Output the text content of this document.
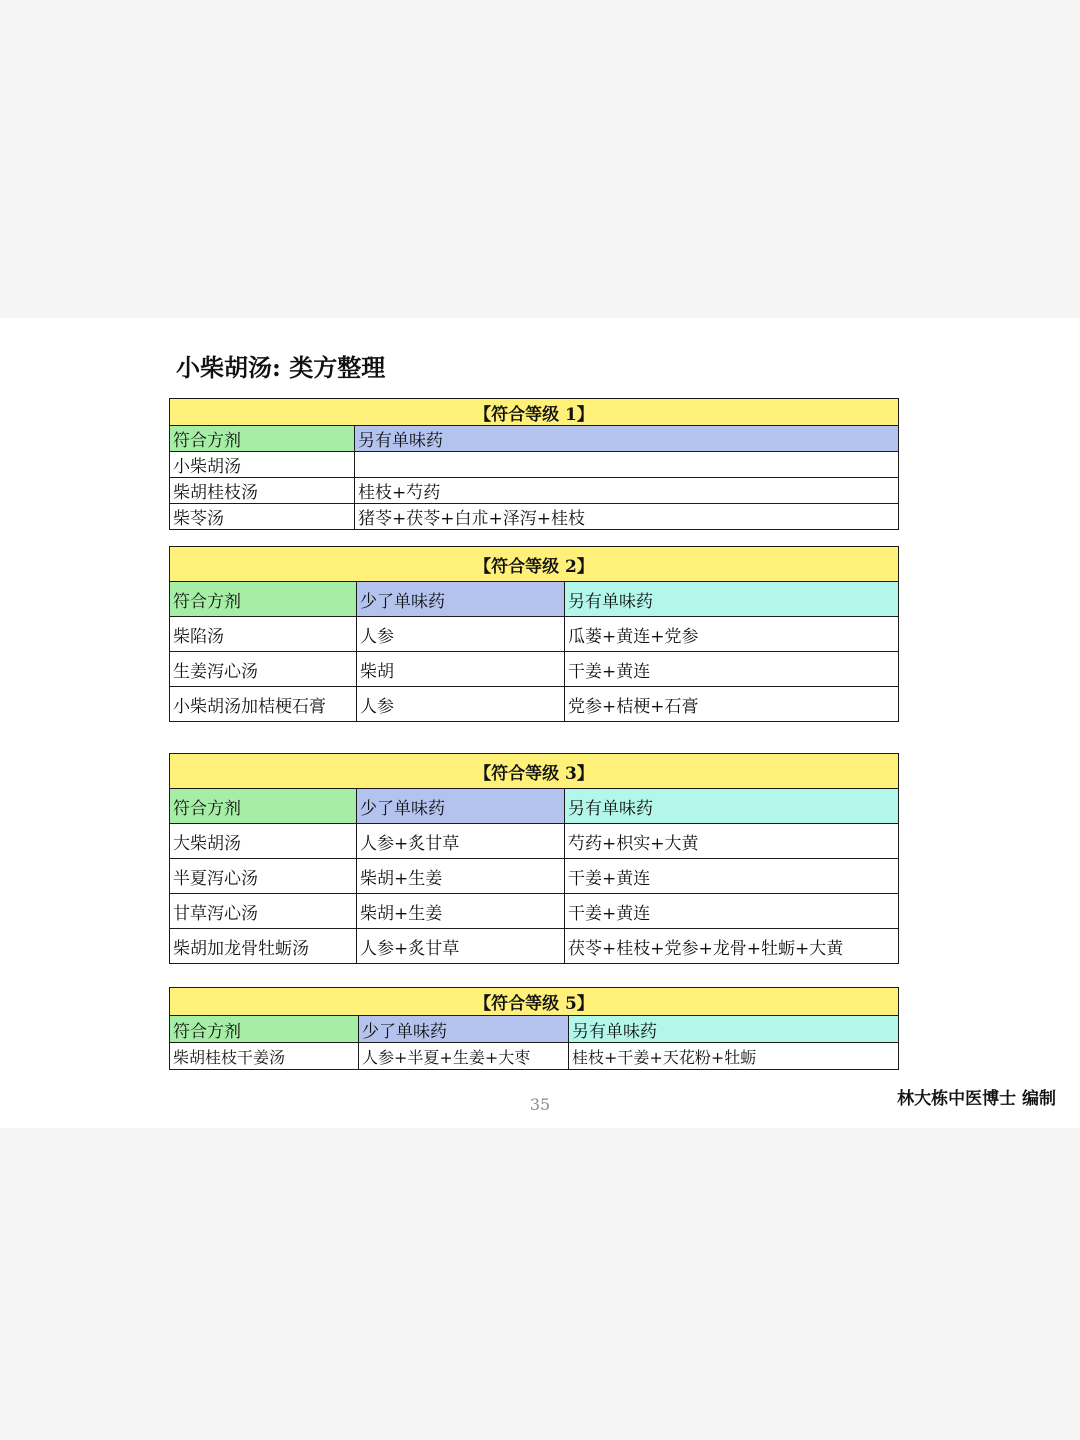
小柴胡汤: 类方整理
【符合等级 1】	
符合方剂	另有单味药
小柴胡汤	
柴胡桂枝汤	桂枝+芍药
柴苓汤	猪苓+茯苓+白朮+泽泻+桂枝
【符合等级 2】		
符合方剂	少了单味药	另有单味药
柴陷汤	人参	瓜蒌+黄连+党参
生姜泻心汤	柴胡	干姜+黄连
小柴胡汤加桔梗石膏	人参	党参+桔梗+石膏
【符合等级 3】		
符合方剂	少了单味药	另有单味药
大柴胡汤	人参+炙甘草	芍药+枳实+大黄
半夏泻心汤	柴胡+生姜	干姜+黄连
甘草泻心汤	柴胡+生姜	干姜+黄连
柴胡加龙骨牡蛎汤	人参+炙甘草	茯苓+桂枝+党参+龙骨+牡蛎+大黄
【符合等级 5】		
符合方剂	少了单味药	另有单味药
柴胡桂枝干姜汤	人参+半夏+生姜+大枣	桂枝+干姜+天花粉+牡蛎
35	林大栋中医博士 编制
